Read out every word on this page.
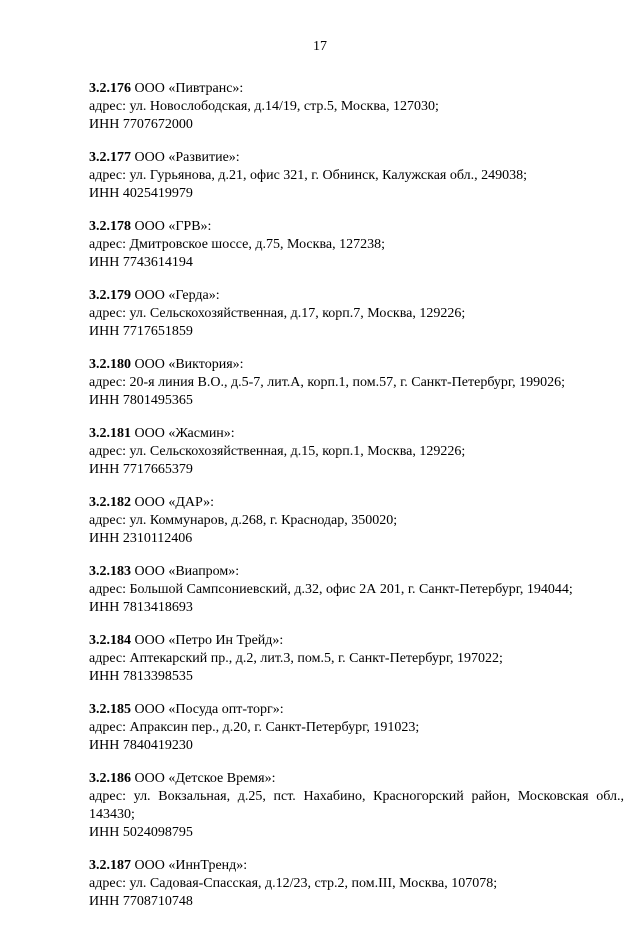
17
3.2.176 ООО «Пивтранс»:
адрес: ул. Новослободская, д.14/19, стр.5, Москва, 127030;
ИНН 7707672000
3.2.177 ООО «Развитие»:
адрес: ул. Гурьянова, д.21, офис 321, г. Обнинск, Калужская обл., 249038;
ИНН 4025419979
3.2.178 ООО «ГРВ»:
адрес: Дмитровское шоссе, д.75, Москва, 127238;
ИНН 7743614194
3.2.179 ООО «Герда»:
адрес: ул. Сельскохозяйственная, д.17, корп.7, Москва, 129226;
ИНН 7717651859
3.2.180 ООО «Виктория»:
адрес: 20-я линия В.О., д.5-7, лит.А, корп.1, пом.57, г. Санкт-Петербург, 199026;
ИНН 7801495365
3.2.181 ООО «Жасмин»:
адрес: ул. Сельскохозяйственная, д.15, корп.1, Москва, 129226;
ИНН 7717665379
3.2.182 ООО «ДАР»:
адрес: ул. Коммунаров, д.268, г. Краснодар, 350020;
ИНН 2310112406
3.2.183 ООО «Виапром»:
адрес: Большой Сампсониевский, д.32, офис 2А 201, г. Санкт-Петербург, 194044;
ИНН 7813418693
3.2.184 ООО «Петро Ин Трейд»:
адрес: Аптекарский пр., д.2, лит.3, пом.5, г. Санкт-Петербург, 197022;
ИНН 7813398535
3.2.185 ООО «Посуда опт-торг»:
адрес: Апраксин пер., д.20, г. Санкт-Петербург, 191023;
ИНН 7840419230
3.2.186 ООО «Детское Время»:
адрес: ул. Вокзальная, д.25, пст. Нахабино, Красногорский район, Московская обл., 143430;
ИНН 5024098795
3.2.187 ООО «ИннТренд»:
адрес: ул. Садовая-Спасская, д.12/23, стр.2, пом.III, Москва, 107078;
ИНН 7708710748
